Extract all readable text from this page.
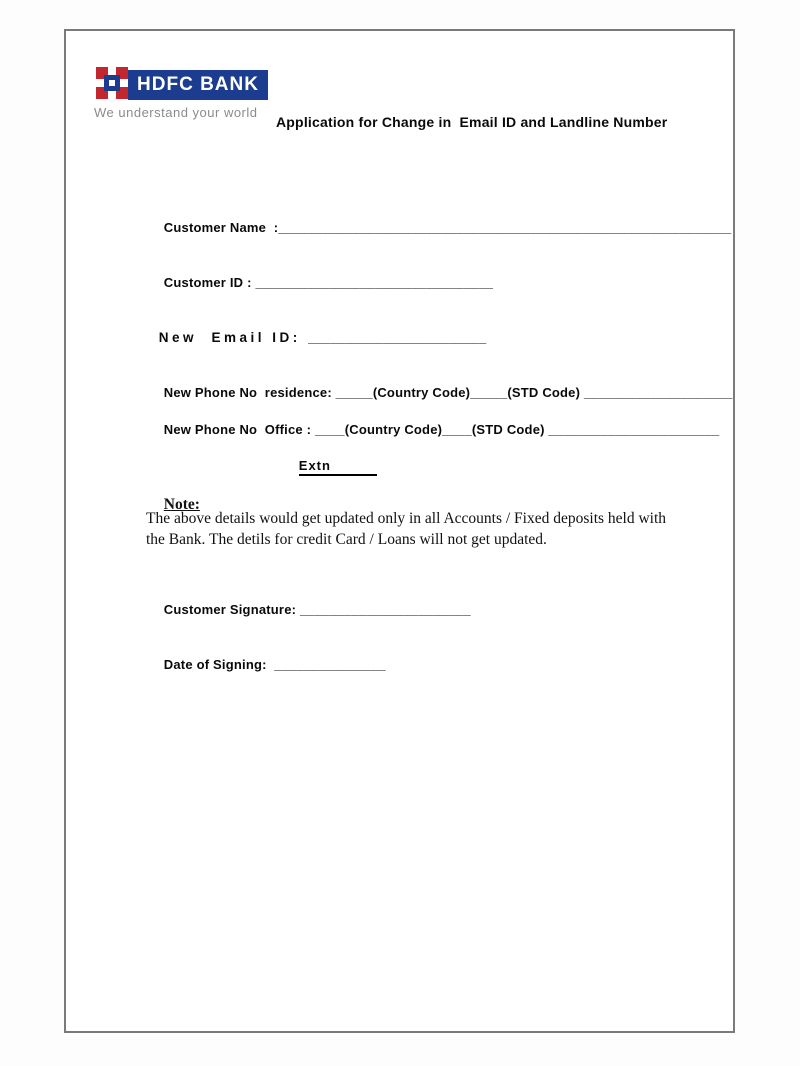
HDFC BANK
We understand your world
Application for Change in  Email ID and Landline Number

Customer Name  :_____________________________________________________________

Customer ID : ________________________________

New  Email ID: ________________________

New Phone No  residence: _____(Country Code)_____(STD Code) ____________________

New Phone No  Office : ____(Country Code)____(STD Code) _______________________

Extn

Note:

The above details would get updated only in all Accounts / Fixed deposits held with the Bank. The detils for credit Card / Loans will not get updated.

Customer Signature: _______________________

Date of Signing:  _______________
